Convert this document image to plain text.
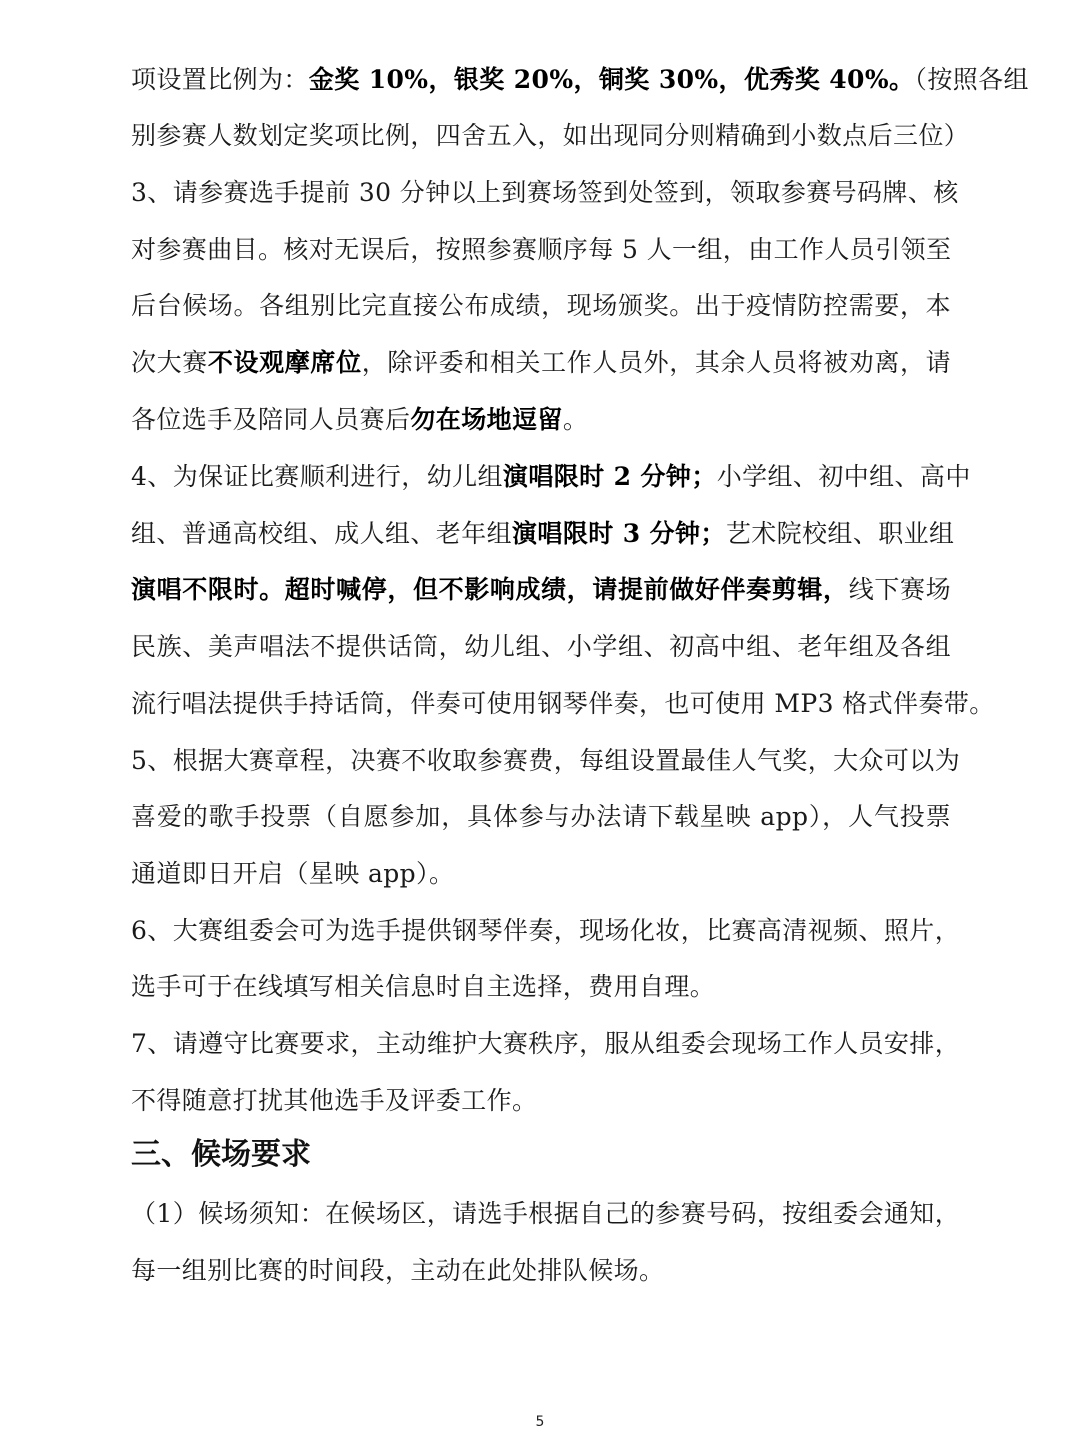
项设置比例为：金奖 10%，银奖 20%，铜奖 30%，优秀奖 40%。（按照各组

别参赛人数划定奖项比例，四舍五入，如出现同分则精确到小数点后三位）

3、请参赛选手提前 30 分钟以上到赛场签到处签到，领取参赛号码牌、核

对参赛曲目。核对无误后，按照参赛顺序每 5 人一组，由工作人员引领至

后台候场。各组别比完直接公布成绩，现场颁奖。出于疫情防控需要，本

次大赛不设观摩席位，除评委和相关工作人员外，其余人员将被劝离，请

各位选手及陪同人员赛后勿在场地逗留。

4、为保证比赛顺利进行，幼儿组演唱限时 2 分钟；小学组、初中组、高中

组、普通高校组、成人组、老年组演唱限时 3 分钟；艺术院校组、职业组

演唱不限时。超时喊停，但不影响成绩，请提前做好伴奏剪辑，线下赛场

民族、美声唱法不提供话筒，幼儿组、小学组、初高中组、老年组及各组

流行唱法提供手持话筒，伴奏可使用钢琴伴奏，也可使用 MP3 格式伴奏带。

5、根据大赛章程，决赛不收取参赛费，每组设置最佳人气奖，大众可以为

喜爱的歌手投票（自愿参加，具体参与办法请下载星映 app），人气投票

通道即日开启（星映 app）。

6、大赛组委会可为选手提供钢琴伴奏，现场化妆，比赛高清视频、照片，

选手可于在线填写相关信息时自主选择，费用自理。

7、请遵守比赛要求，主动维护大赛秩序，服从组委会现场工作人员安排，

不得随意打扰其他选手及评委工作。

三、候场要求

（1）候场须知：在候场区，请选手根据自己的参赛号码，按组委会通知，

每一组别比赛的时间段，主动在此处排队候场。

5
